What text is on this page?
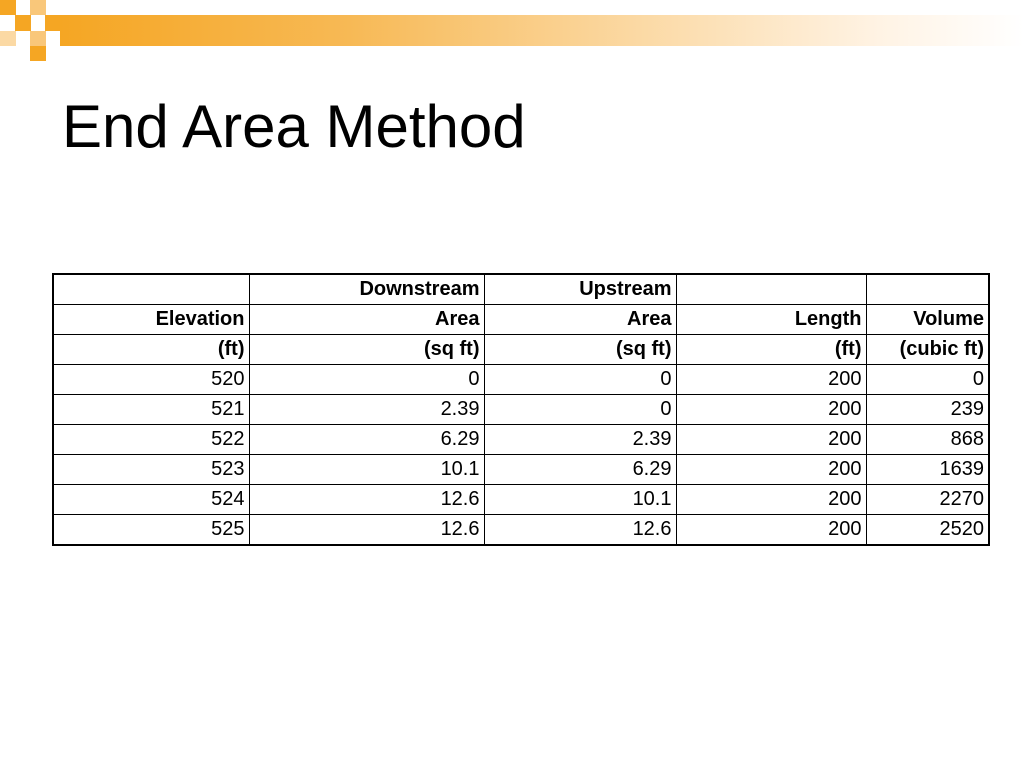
End Area Method
	Downstream	Upstream		
Elevation	Area	Area	Length	Volume
(ft)	(sq ft)	(sq ft)	(ft)	(cubic ft)
520	0	0	200	0
521	2.39	0	200	239
522	6.29	2.39	200	868
523	10.1	6.29	200	1639
524	12.6	10.1	200	2270
525	12.6	12.6	200	2520
